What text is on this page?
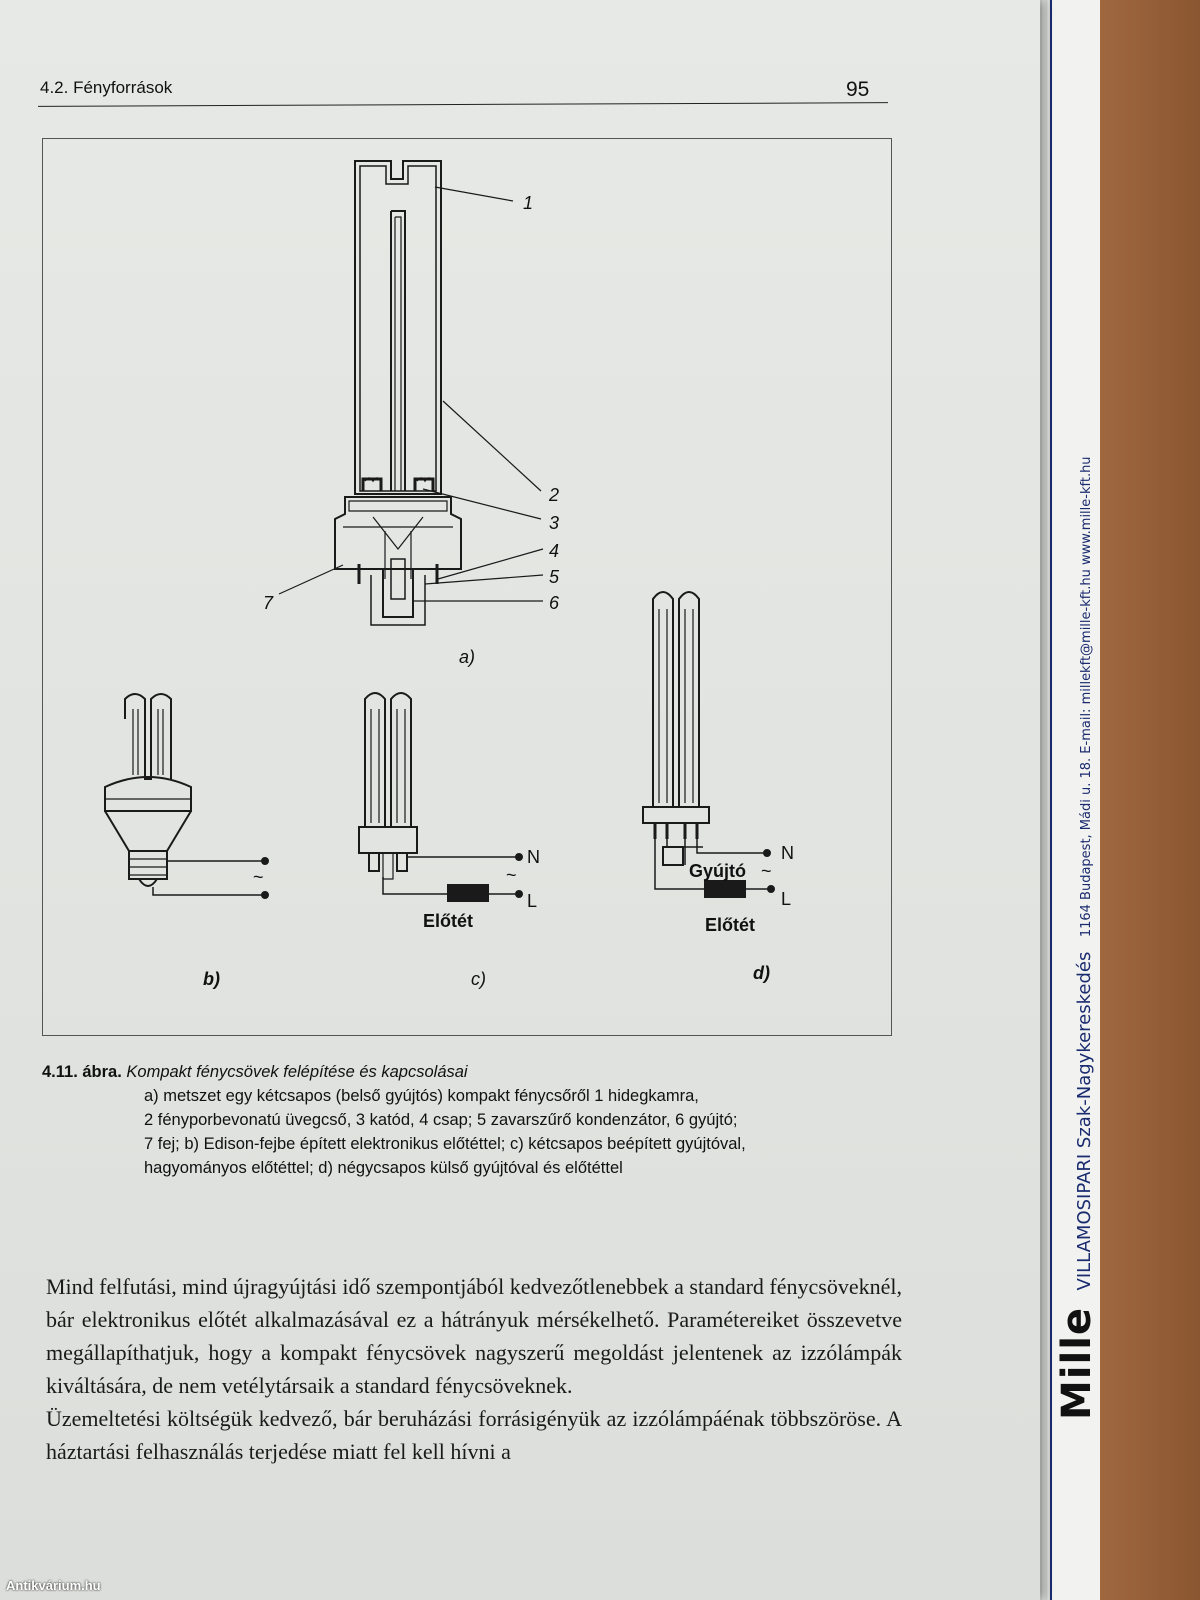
Mille VILLAMOSIPARI Szak-Nagykereskedés 1164 Budapest, Mádi u. 18. E-mail: millekft@mille-kft.hu www.mille-kft.hu
4.2. Fényforrások	95
1
2
3
4
5
6
7
a)
~
b)
N
~
L
Előtét
c)
N
Gyújtó ~
L
Előtét
d)
4.11. ábra. Kompakt fénycsövek felépítése és kapcsolásai
a) metszet egy kétcsapos (belső gyújtós) kompakt fénycsőről 1 hidegkamra,
2 fényporbevonatú üvegcső, 3 katód, 4 csap; 5 zavarszűrő kondenzátor, 6 gyújtó;
7 fej; b) Edison-fejbe épített elektronikus előtéttel; c) kétcsapos beépített gyújtóval,
hagyományos előtéttel; d) négycsapos külső gyújtóval és előtéttel

Mind felfutási, mind újragyújtási idő szempontjából kedvezőtlenebbek a standard fénycsöveknél, bár elektronikus előtét alkalmazásával ez a hátrányuk mérsékelhető. Paramétereiket összevetve megállapíthatjuk, hogy a kompakt fénycsövek nagyszerű megoldást jelentenek az izzólámpák kiváltására, de nem vetélytársaik a standard fénycsöveknek.

Üzemeltetési költségük kedvező, bár beruházási forrásigényük az izzólámpáénak többszöröse. A háztartási felhasználás terjedése miatt fel kell hívni a

Antikvárium.hu
